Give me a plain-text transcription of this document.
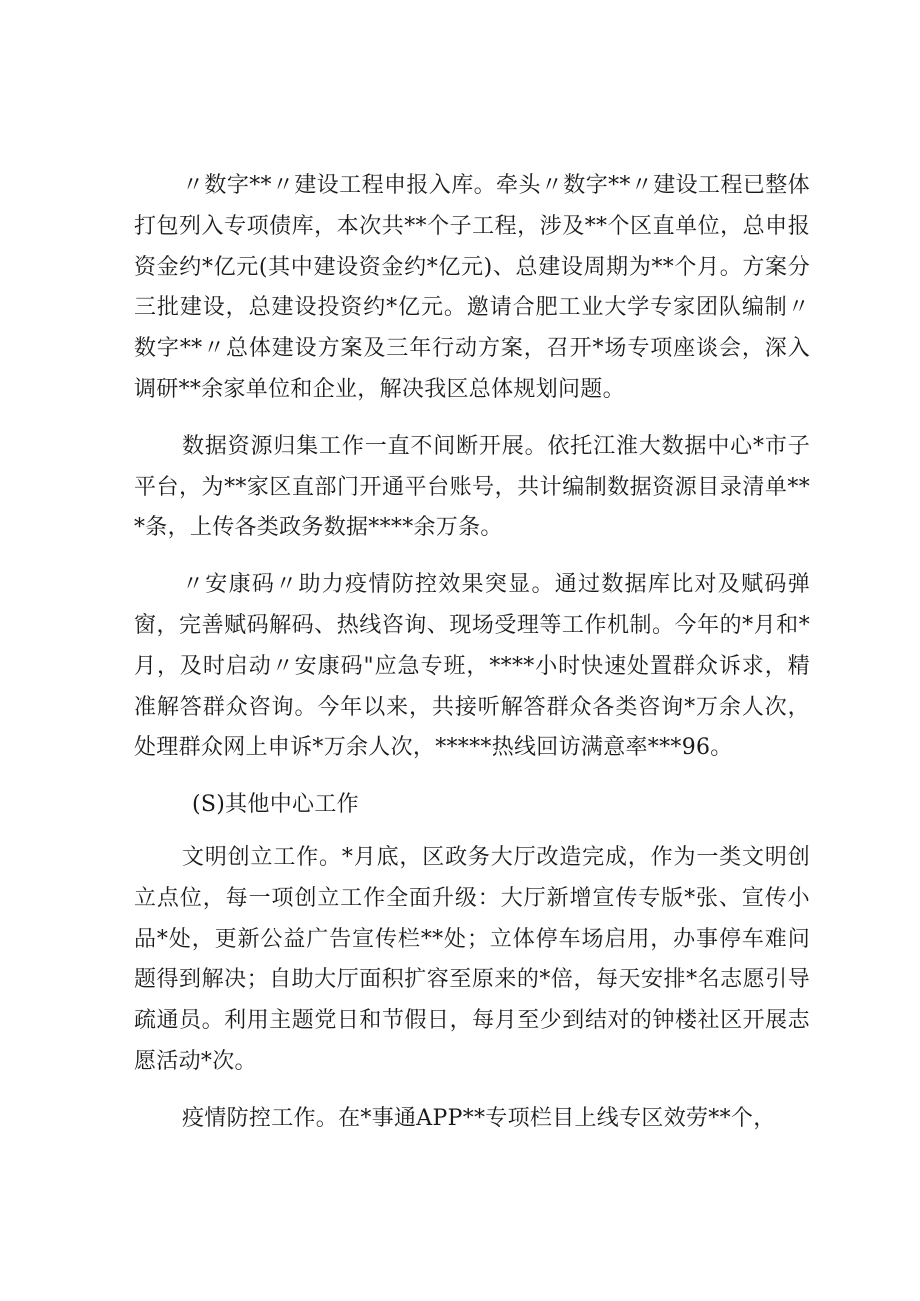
〃数字**〃建设工程申报入库。牵头〃数字**〃建设工程已整体打包列入专项债库，本次共**个子工程，涉及**个区直单位，总申报资金约*亿元(其中建设资金约*亿元)、总建设周期为**个月。方案分三批建设，总建设投资约*亿元。邀请合肥工业大学专家团队编制〃数字**〃总体建设方案及三年行动方案，召开*场专项座谈会，深入调研**余家单位和企业，解决我区总体规划问题。

数据资源归集工作一直不间断开展。依托江淮大数据中心*市子平台，为**家区直部门开通平台账号，共计编制数据资源目录清单***条，上传各类政务数据****余万条。

〃安康码〃助力疫情防控效果突显。通过数据库比对及赋码弹窗，完善赋码解码、热线咨询、现场受理等工作机制。今年的*月和*月，及时启动〃安康码"应急专班，****小时快速处置群众诉求，精准解答群众咨询。今年以来，共接听解答群众各类咨询*万余人次，处理群众网上申诉*万余人次，*****热线回访满意率***96。

(S)其他中心工作

文明创立工作。*月底，区政务大厅改造完成，作为一类文明创立点位，每一项创立工作全面升级：大厅新增宣传专版*张、宣传小品*处，更新公益广告宣传栏**处；立体停车场启用，办事停车难问题得到解决；自助大厅面积扩容至原来的*倍，每天安排*名志愿引导疏通员。利用主题党日和节假日，每月至少到结对的钟楼社区开展志愿活动*次。

疫情防控工作。在*事通APP**专项栏目上线专区效劳**个，
